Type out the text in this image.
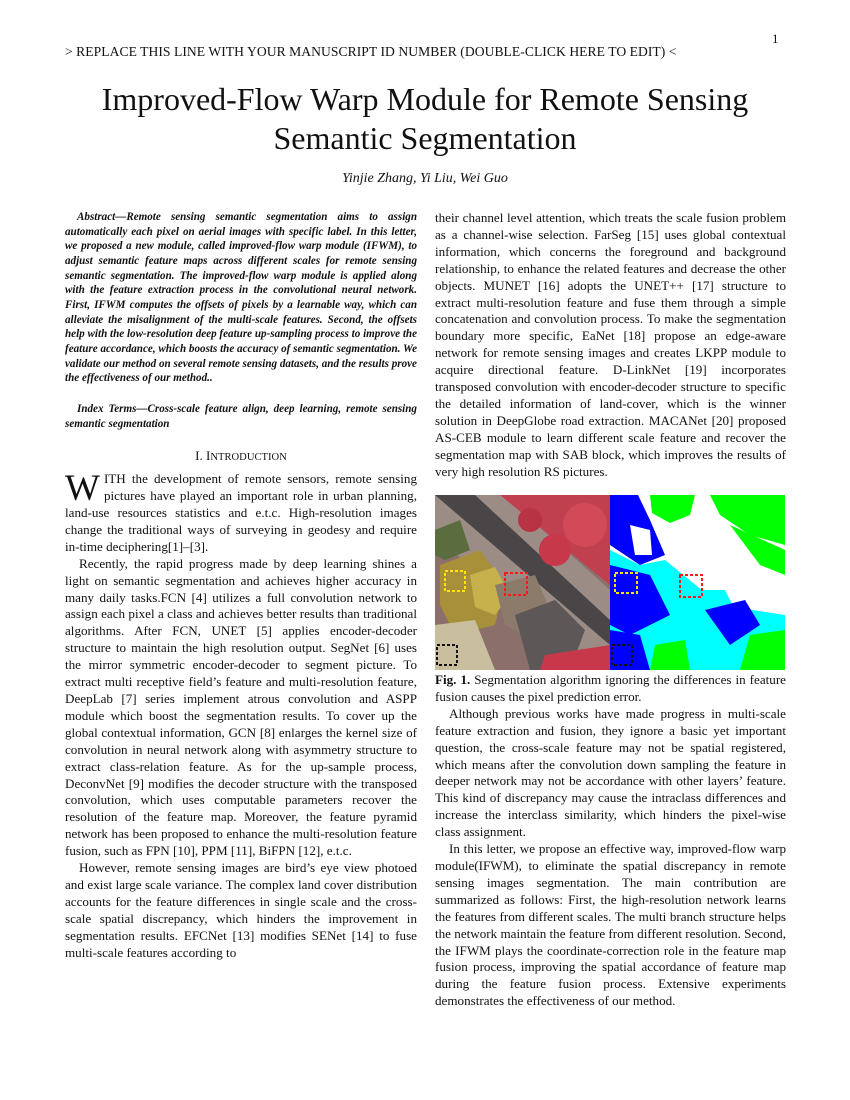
1
> REPLACE THIS LINE WITH YOUR MANUSCRIPT ID NUMBER (DOUBLE-CLICK HERE TO EDIT) <
Improved-Flow Warp Module for Remote Sensing
Semantic Segmentation
Yinjie Zhang, Yi Liu, Wei Guo

Abstract—Remote sensing semantic segmentation aims to assign automatically each pixel on aerial images with specific label. In this letter, we proposed a new module, called improved-flow warp module (IFWM), to adjust semantic feature maps across different scales for remote sensing semantic segmentation. The improved-flow warp module is applied along with the feature extraction process in the convolutional neural network. First, IFWM computes the offsets of pixels by a learnable way, which can alleviate the misalignment of the multi-scale features. Second, the offsets help with the low-resolution deep feature up-sampling process to improve the feature accordance, which boosts the accuracy of semantic segmentation. We validate our method on several remote sensing datasets, and the results prove the effectiveness of our method..

Index Terms—Cross-scale feature align, deep learning, remote sensing semantic segmentation

I. INTRODUCTION

WITH the development of remote sensors, remote sensing pictures have played an important role in urban planning, land-use resources statistics and e.t.c. High-resolution images change the traditional ways of surveying in geodesy and require in-time deciphering[1]–[3].

Recently, the rapid progress made by deep learning shines a light on semantic segmentation and achieves higher accuracy in many daily tasks.FCN [4] utilizes a full convolution network to assign each pixel a class and achieves better results than traditional algorithms. After FCN, UNET [5] applies encoder-decoder structure to maintain the high resolution output. SegNet [6] uses the mirror symmetric encoder-decoder to segment picture. To extract multi receptive field’s feature and multi-resolution feature, DeepLab [7] series implement atrous convolution and ASPP module which boost the segmentation results. To cover up the global contextual information, GCN [8] enlarges the kernel size of convolution in neural network along with asymmetry structure to extract class-relation feature. As for the up-sample process, DeconvNet [9] modifies the decoder structure with the transposed convolution, which uses computable parameters recover the resolution of the feature map. Moreover, the feature pyramid network has been proposed to enhance the multi-resolution feature fusion, such as FPN [10], PPM [11], BiFPN [12], e.t.c.

However, remote sensing images are bird’s eye view photoed and exist large scale variance. The complex land cover distribution accounts for the feature differences in single scale and the cross-scale spatial discrepancy, which hinders the improvement in segmentation results. EFCNet [13] modifies SENet [14] to fuse multi-scale features according to

their channel level attention, which treats the scale fusion problem as a channel-wise selection. FarSeg [15] uses global contextual information, which concerns the foreground and background relationship, to enhance the related features and decrease the other objects. MUNET [16] adopts the UNET++ [17] structure to extract multi-resolution feature and fuse them through a simple concatenation and convolution process. To make the segmentation boundary more specific, EaNet [18] propose an edge-aware network for remote sensing images and creates LKPP module to acquire directional feature. D-LinkNet [19] incorporates transposed convolution with encoder-decoder structure to specific the detailed information of land-cover, which is the winner solution in DeepGlobe road extraction. MACANet [20] proposed AS-CEB module to learn different scale feature and recover the segmentation map with SAB block, which improves the results of very high resolution RS pictures.

Fig. 1. Segmentation algorithm ignoring the differences in feature fusion causes the pixel prediction error.

Although previous works have made progress in multi-scale feature extraction and fusion, they ignore a basic yet important question, the cross-scale feature may not be spatial registered, which means after the convolution down sampling the feature in deeper network may not be accordance with other layers’ feature. This kind of discrepancy may cause the intraclass differences and increase the interclass similarity, which hinders the pixel-wise class assignment.

In this letter, we propose an effective way, improved-flow warp module(IFWM), to eliminate the spatial discrepancy in remote sensing images segmentation. The main contribution are summarized as follows: First, the high-resolution network learns the features from different scales. The multi branch structure helps the network maintain the feature from different resolution. Second, the IFWM plays the coordinate-correction role in the feature map fusion process, improving the spatial accordance of feature map during the feature fusion process. Extensive experiments demonstrates the effectiveness of our method.
